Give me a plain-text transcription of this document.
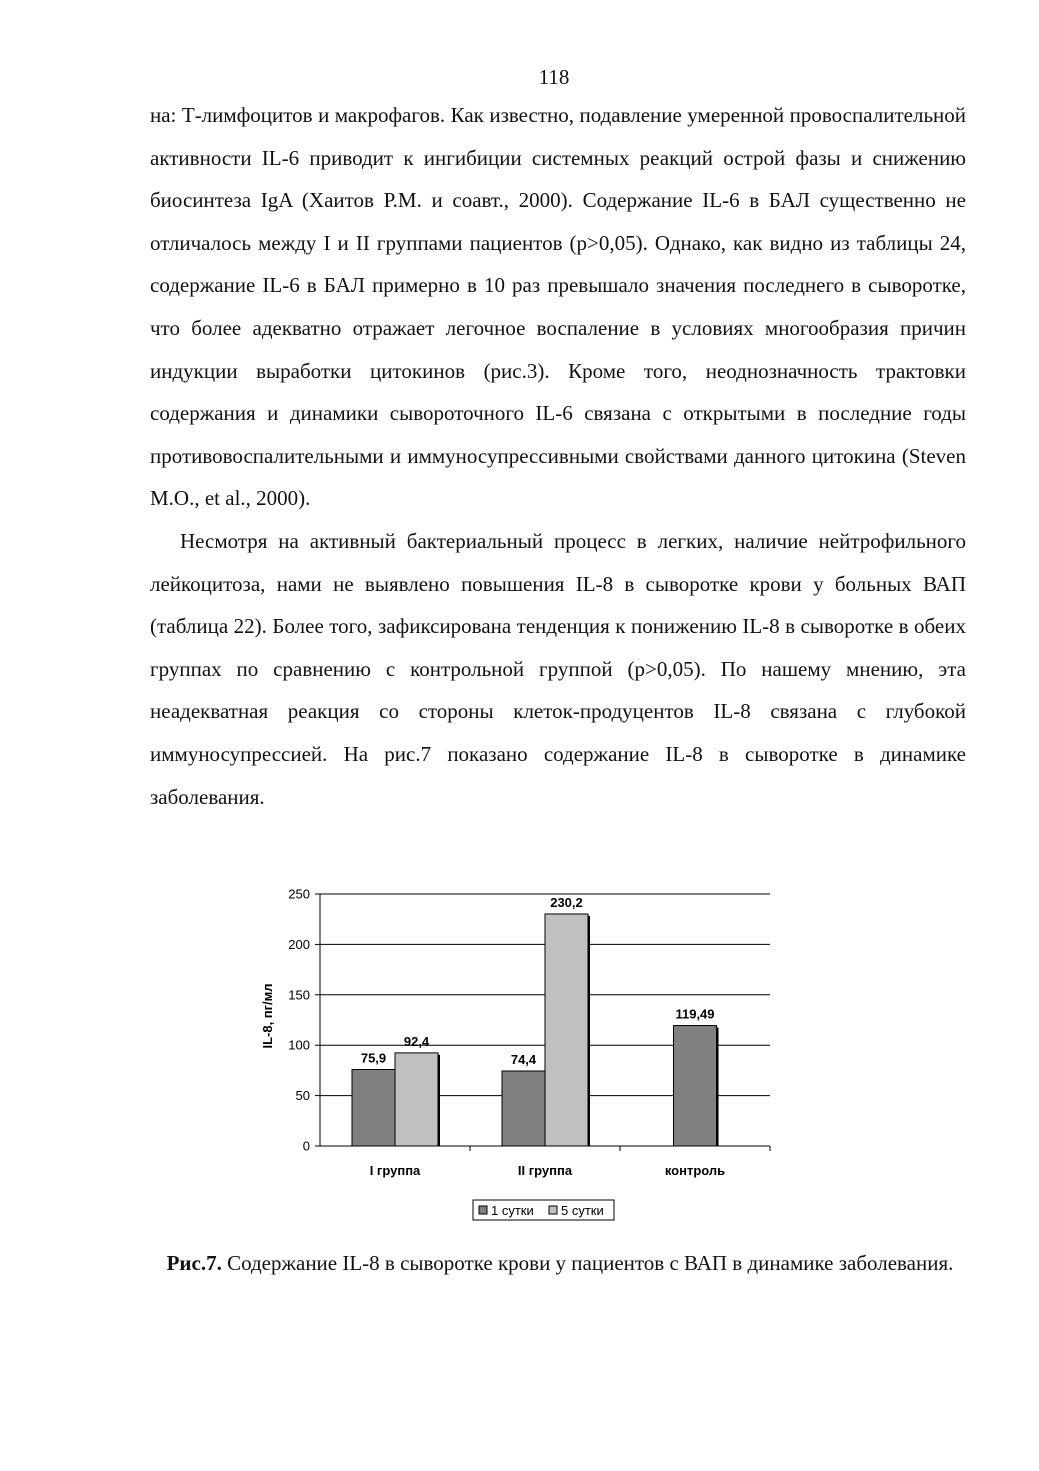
118

на: Т-лимфоцитов и макрофагов. Как известно, подавление умеренной провоспалительной активности IL-6 приводит к ингибиции системных реакций острой фазы и снижению биосинтеза IgA (Хаитов Р.М. и соавт., 2000). Содержание IL-6 в БАЛ существенно не отличалось между I и II группами пациентов (p>0,05). Однако, как видно из таблицы 24, содержание IL-6 в БАЛ примерно в 10 раз превышало значения последнего в сыворотке, что более адекватно отражает легочное воспаление в условиях многообразия причин индукции выработки цитокинов (рис.3). Кроме того, неоднозначность трактовки содержания и динамики сывороточного IL-6 связана с открытыми в последние годы противовоспалительными и иммуносупрессивными свойствами данного цитокина (Steven M.O., et al., 2000).

Несмотря на активный бактериальный процесс в легких, наличие нейтрофильного лейкоцитоза, нами не выявлено повышения IL-8 в сыворотке крови у больных ВАП (таблица 22). Более того, зафиксирована тенденция к понижению IL-8 в сыворотке в обеих группах по сравнению с контрольной группой (p>0,05). По нашему мнению, эта неадекватная реакция со стороны клеток-продуцентов IL-8 связана с глубокой иммуносупрессией. На рис.7 показано содержание IL-8 в сыворотке в динамике заболевания.

0
50
100
150
200
250
IL-8, пг/мл
I группа
75,9
92,4
II группа
74,4
230,2
контроль
119,49
1 сутки 5 сутки
Рис.7. Содержание IL-8 в сыворотке крови у пациентов с ВАП в динамике заболевания.
